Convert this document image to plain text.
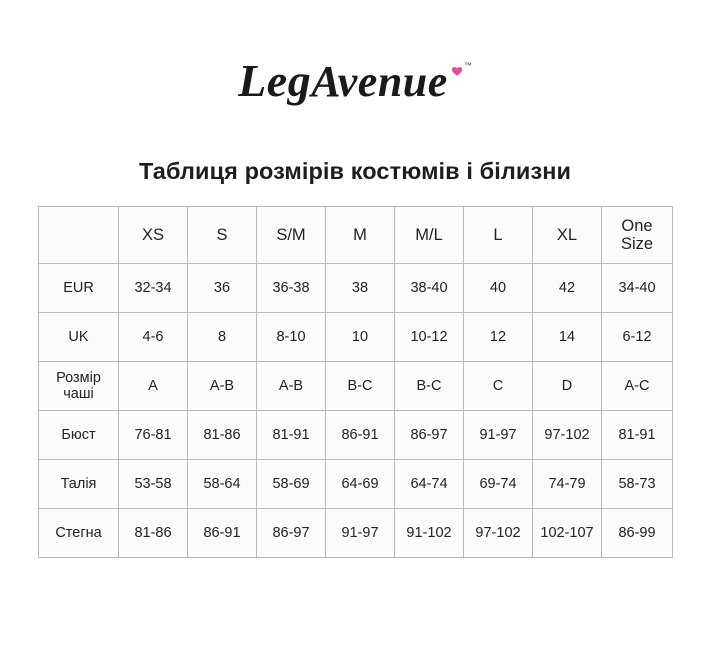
LegAvenue ™
Таблиця розмірів костюмів і білизни
	XS	S	S/M	M	M/L	L	XL	One
Size

EUR	32-34	36	36-38	38	38-40	40	42	34-40
UK	4-6	8	8-10	10	10-12	12	14	6-12

Розмір
чаші	A	A-B	A-B	B-C	B-C	C	D	A-C
Бюст	76-81	81-86	81-91	86-91	86-97	91-97	97-102	81-91
Талія	53-58	58-64	58-69	64-69	64-74	69-74	74-79	58-73
Стегна	81-86	86-91	86-97	91-97	91-102	97-102	102-107	86-99
